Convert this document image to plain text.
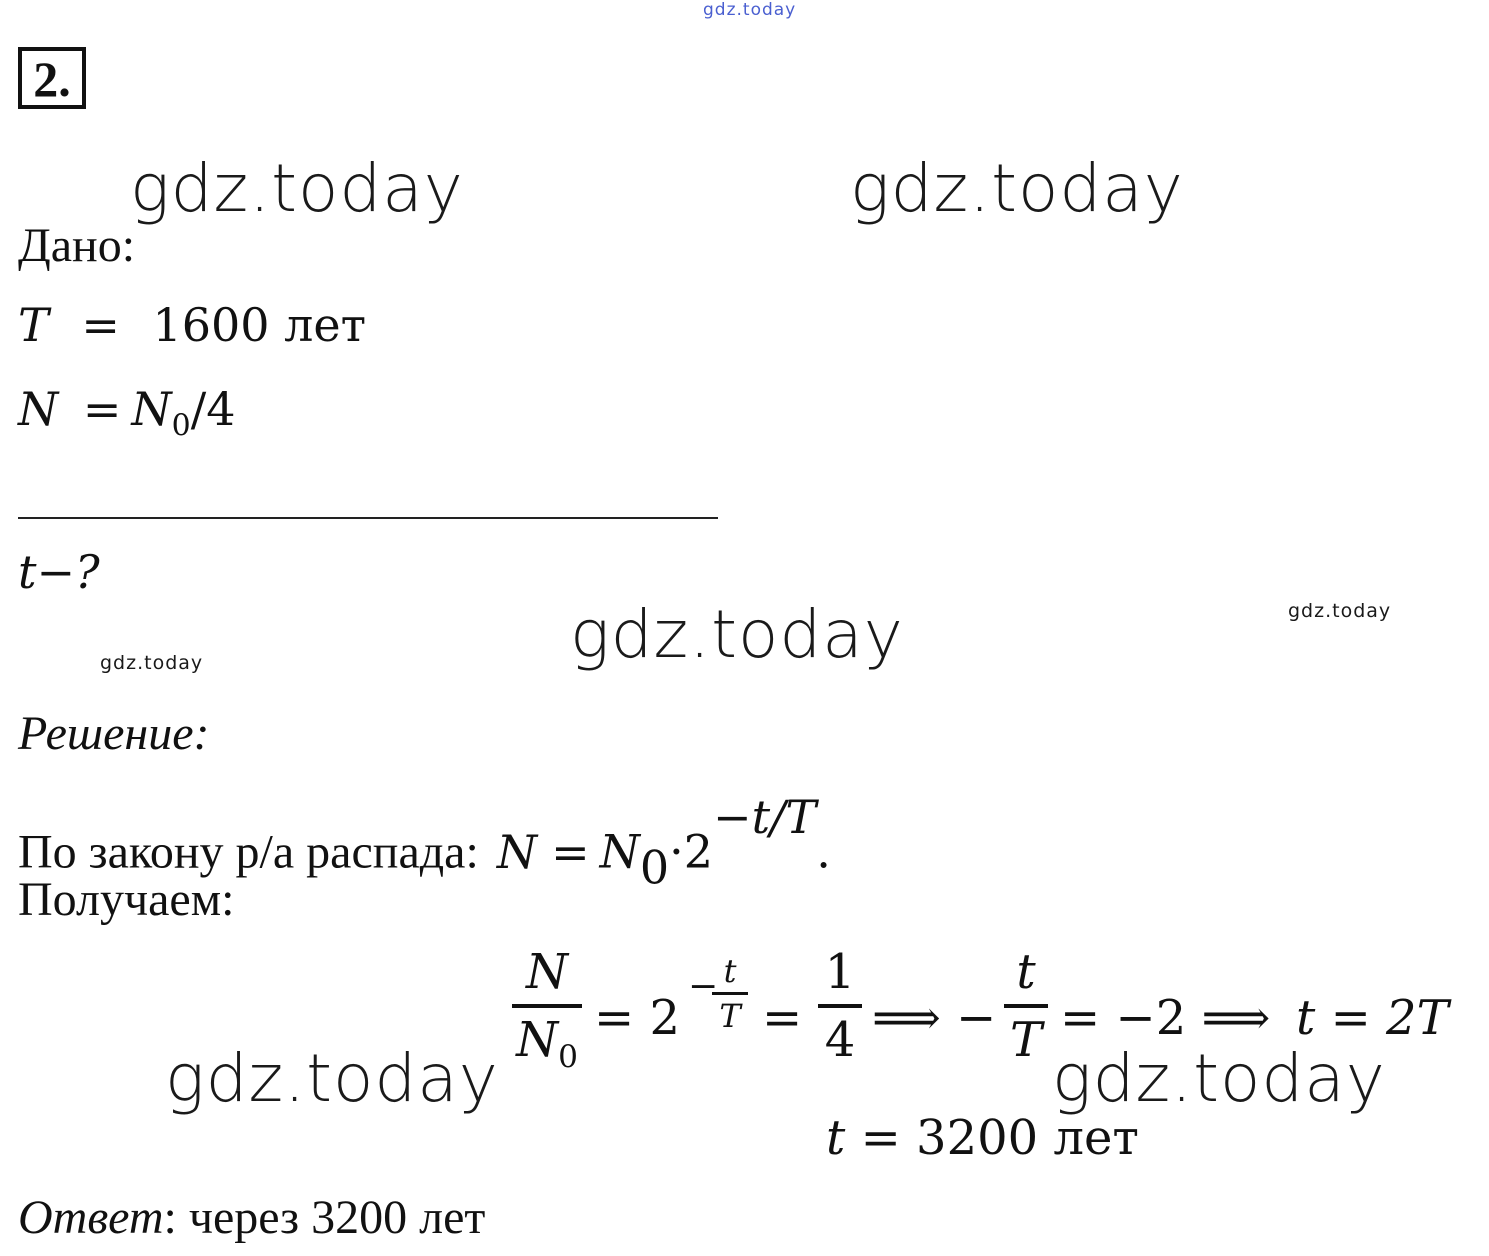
gdz.today
gdz.today	gdz.today
gdz.today	gdz.today
gdz.today
gdz.today	gdz.today
2.
Дано:
T = 1600 лет
$N = N_0/4$
t−?
Решение:
По закону р/а распада: $N = N_0\cdot 2^{-t/T}$.
Получаем:
N
$N_0$
= 2
− t
T =
1
4 ⟹ −
t
T = −2 ⟹ t = 2T
t = 3200 лет
Ответ: через 3200 лет
